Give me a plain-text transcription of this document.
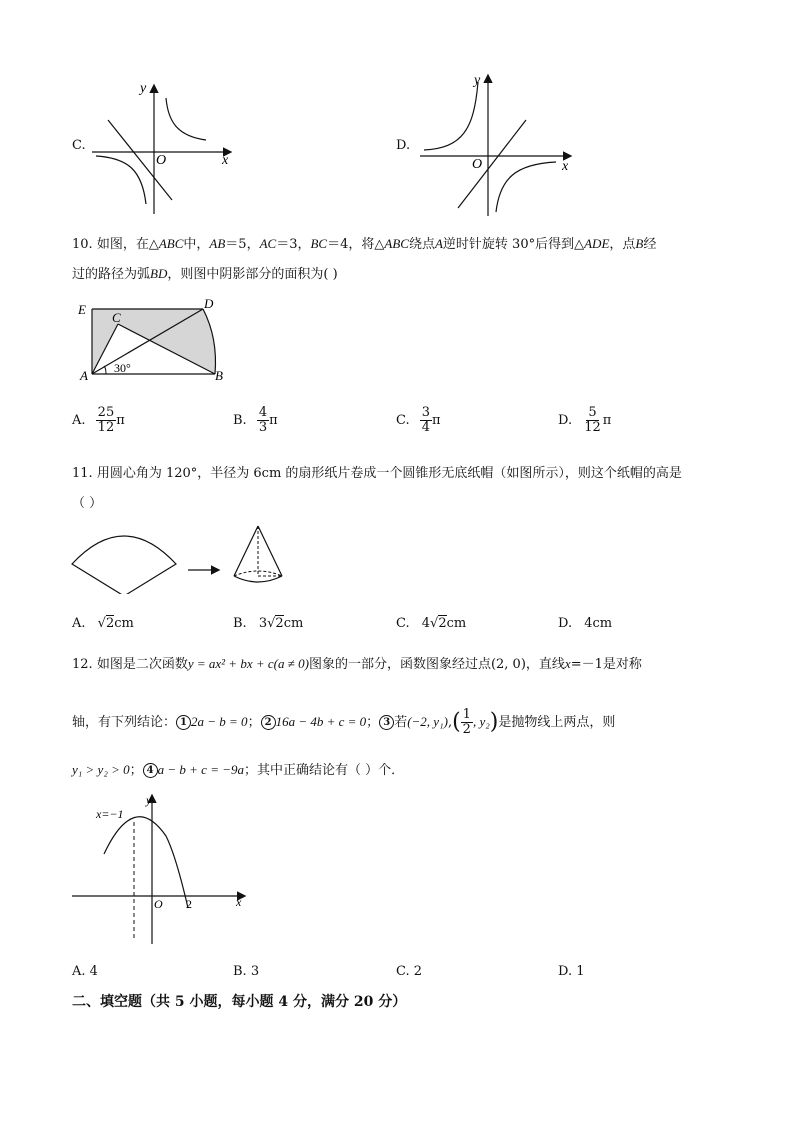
C.
y
x
O
D.
y
x
O
10. 如图，在△ABC中，AB＝5，AC＝3，BC＝4，将△ABC绕点A逆时针旋转 30°后得到△ADE，点B经
过的路径为弧BD，则图中阴影部分的面积为( )
E	D
C
A	B
30°
A. $\frac{25}{12}$ π	B. $\frac{4}{3}$ π	C. $\frac{3}{4}$ π	D. $\frac{5}{12}$ π
11. 用圆心角为 120°，半径为 6cm 的扇形纸片卷成一个圆锥形无底纸帽（如图所示），则这个纸帽的高是
（ ）
A. √2cm	B. 3√2cm	C. 4√2cm	D. 4cm
12. 如图是二次函数y = ax² + bx + c(a ≠ 0)图象的一部分，函数图象经过点(2, 0)，直线x=－1是对称
轴，有下列结论： 1 2a − b = 0； 2 16a − 4b + c = 0； 3 若(−2, $y_1),( \frac{1}{2}$ , y₂)是抛物线上两点，则
y₁ > y₂ > 0； 4 a − b + c = −9a；其中正确结论有（ ）个．
x=−1
y
x
O 2
A. 4	B. 3	C. 2	D. 1
二、填空题（共 5 小题，每小题 4 分，满分 20 分）
